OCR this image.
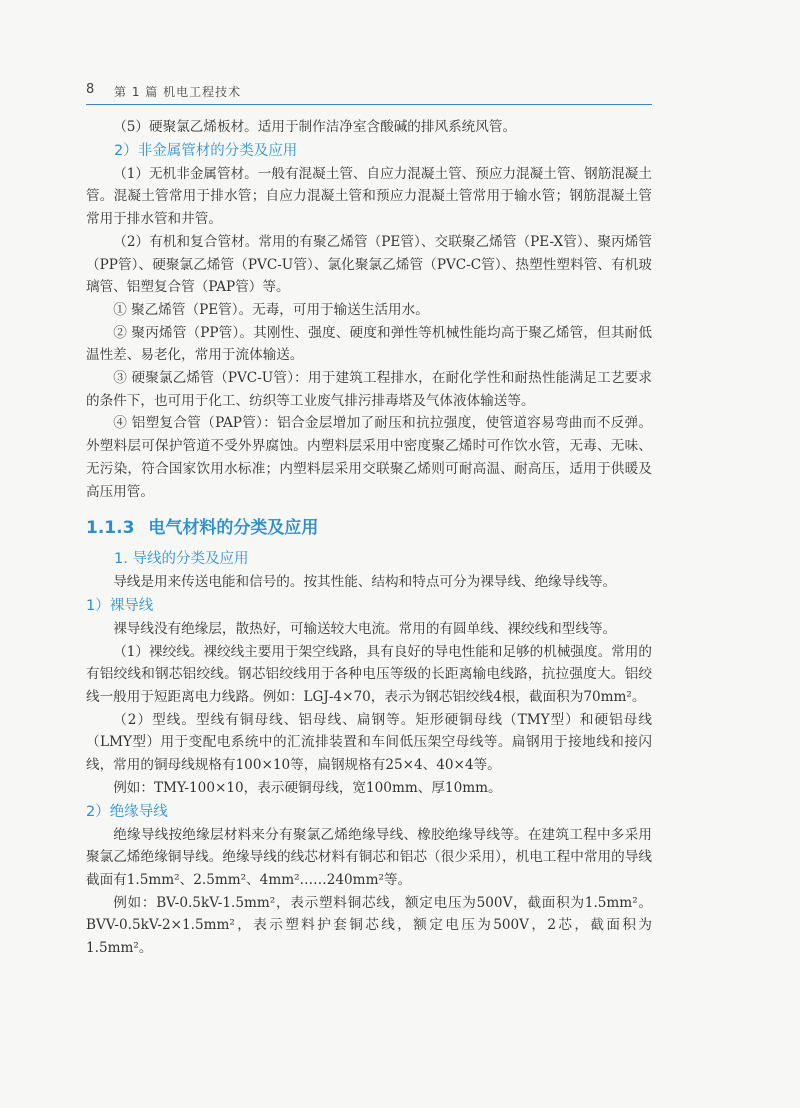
8 第 1 篇 机电工程技术

（5）硬聚氯乙烯板材。适用于制作洁净室含酸碱的排风系统风管。

2）非金属管材的分类及应用

（1）无机非金属管材。一般有混凝土管、自应力混凝土管、预应力混凝土管、钢筋混凝土管。混凝土管常用于排水管；自应力混凝土管和预应力混凝土管常用于输水管；钢筋混凝土管常用于排水管和井管。

（2）有机和复合管材。常用的有聚乙烯管（PE管）、交联聚乙烯管（PE-X管）、聚丙烯管（PP管）、硬聚氯乙烯管（PVC-U管）、氯化聚氯乙烯管（PVC-C管）、热塑性塑料管、有机玻璃管、铝塑复合管（PAP管）等。

① 聚乙烯管（PE管）。无毒，可用于输送生活用水。

② 聚丙烯管（PP管）。其刚性、强度、硬度和弹性等机械性能均高于聚乙烯管，但其耐低温性差、易老化，常用于流体输送。

③ 硬聚氯乙烯管（PVC-U管）：用于建筑工程排水，在耐化学性和耐热性能满足工艺要求的条件下，也可用于化工、纺织等工业废气排污排毒塔及气体液体输送等。

④ 铝塑复合管（PAP管）：铝合金层增加了耐压和抗拉强度，使管道容易弯曲而不反弹。外塑料层可保护管道不受外界腐蚀。内塑料层采用中密度聚乙烯时可作饮水管，无毒、无味、无污染，符合国家饮用水标准；内塑料层采用交联聚乙烯则可耐高温、耐高压，适用于供暖及高压用管。

1.1.3 电气材料的分类及应用

1. 导线的分类及应用

导线是用来传送电能和信号的。按其性能、结构和特点可分为裸导线、绝缘导线等。

1）裸导线

裸导线没有绝缘层，散热好，可输送较大电流。常用的有圆单线、裸绞线和型线等。

（1）裸绞线。裸绞线主要用于架空线路，具有良好的导电性能和足够的机械强度。常用的有铝绞线和钢芯铝绞线。钢芯铝绞线用于各种电压等级的长距离输电线路，抗拉强度大。铝绞线一般用于短距离电力线路。例如：LGJ-4×70，表示为钢芯铝绞线4根，截面积为70mm²。

（2）型线。型线有铜母线、铝母线、扁钢等。矩形硬铜母线（TMY型）和硬铝母线（LMY型）用于变配电系统中的汇流排装置和车间低压架空母线等。扁钢用于接地线和接闪线，常用的铜母线规格有100×10等，扁钢规格有25×4、40×4等。

例如：TMY-100×10，表示硬铜母线，宽100mm、厚10mm。

2）绝缘导线

绝缘导线按绝缘层材料来分有聚氯乙烯绝缘导线、橡胶绝缘导线等。在建筑工程中多采用聚氯乙烯绝缘铜导线。绝缘导线的线芯材料有铜芯和铝芯（很少采用），机电工程中常用的导线截面有1.5mm²、2.5mm²、4mm²……240mm²等。

例如：BV-0.5kV-1.5mm²，表示塑料铜芯线，额定电压为500V，截面积为1.5mm²。BVV-0.5kV-2×1.5mm²，表示塑料护套铜芯线，额定电压为500V，2芯，截面积为1.5mm²。
